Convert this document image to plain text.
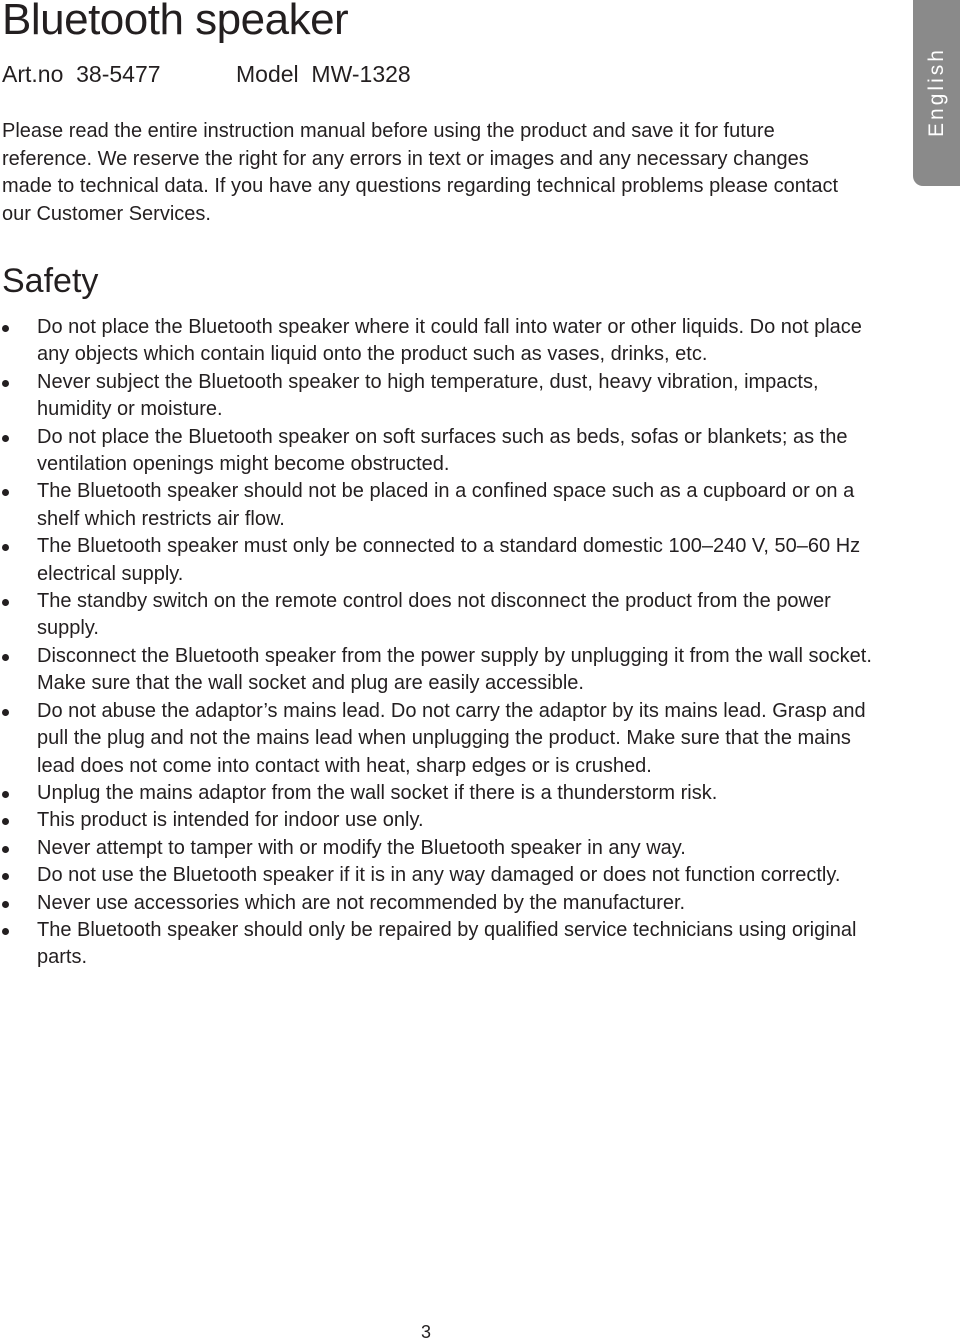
Bluetooth speaker
Art.no  38-5477	Model  MW-1328	English

Please read the entire instruction manual before using the product and save it for future reference. We reserve the right for any errors in text or images and any necessary changes made to technical data. If you have any questions regarding technical problems please contact our Customer Services.

Safety
Do not place the Bluetooth speaker where it could fall into water or other liquids. Do not place any objects which contain liquid onto the product such as vases, drinks, etc.
Never subject the Bluetooth speaker to high temperature, dust, heavy vibration, impacts, humidity or moisture.
Do not place the Bluetooth speaker on soft surfaces such as beds, sofas or blankets; as the ventilation openings might become obstructed.
The Bluetooth speaker should not be placed in a confined space such as a cupboard or on a shelf which restricts air flow.
The Bluetooth speaker must only be connected to a standard domestic 100–240 V, 50–60 Hz electrical supply.
The standby switch on the remote control does not disconnect the product from the power supply.
Disconnect the Bluetooth speaker from the power supply by unplugging it from the wall socket. Make sure that the wall socket and plug are easily accessible.
Do not abuse the adaptor’s mains lead. Do not carry the adaptor by its mains lead. Grasp and pull the plug and not the mains lead when unplugging the product. Make sure that the mains lead does not come into contact with heat, sharp edges or is crushed.
Unplug the mains adaptor from the wall socket if there is a thunderstorm risk.
This product is intended for indoor use only.
Never attempt to tamper with or modify the Bluetooth speaker in any way.
Do not use the Bluetooth speaker if it is in any way damaged or does not function correctly.
Never use accessories which are not recommended by the manufacturer.
The Bluetooth speaker should only be repaired by qualified service technicians using original parts.
3
